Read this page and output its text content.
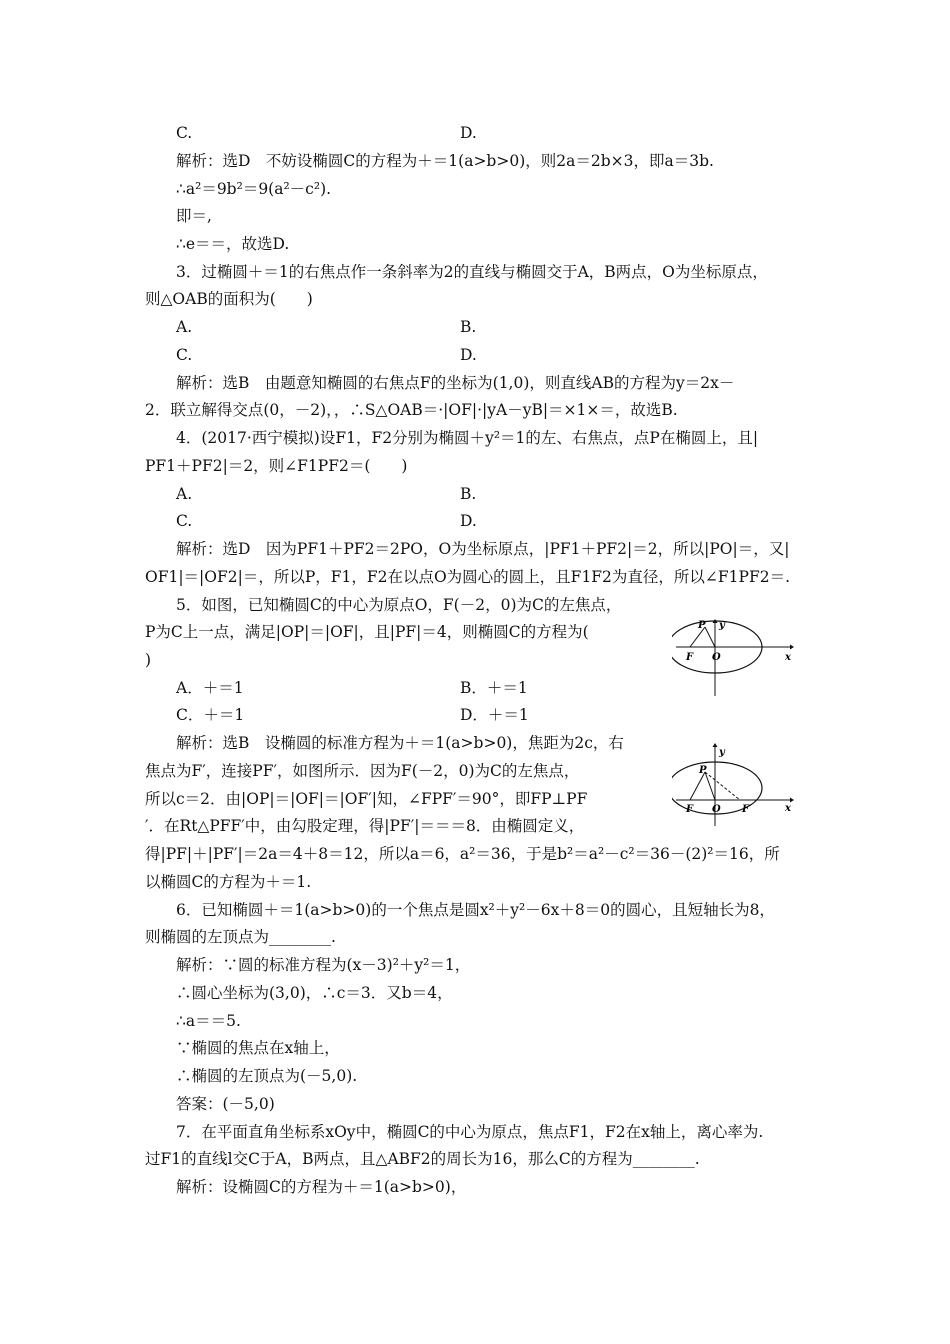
C.	D.
解析：选D　不妨设椭圆C的方程为＋＝1(a>b>0)，则2a＝2b×3，即a＝3b.
∴a²＝9b²＝9(a²－c²).
即＝,
∴e＝＝，故选D.
3．过椭圆＋＝1的右焦点作一条斜率为2的直线与椭圆交于A，B两点，O为坐标原点，
则△OAB的面积为(　　)
A.	B.
C.	D.
解析：选B　由题意知椭圆的右焦点F的坐标为(1,0)，则直线AB的方程为y＝2x－
2．联立解得交点(0，－2)，，∴S△OAB＝·|OF|·|yA－yB|＝×1×＝，故选B.
4．(2017·西宁模拟)设F1，F2分别为椭圆＋y²＝1的左、右焦点，点P在椭圆上，且|
PF1＋PF2|＝2，则∠F1PF2＝(　　)
A.	B.
C.	D.
解析：选D　因为PF1＋PF2＝2PO，O为坐标原点，|PF1＋PF2|＝2，所以|PO|＝，又|
OF1|＝|OF2|＝，所以P，F1，F2在以点O为圆心的圆上，且F1F2为直径，所以∠F1PF2＝.
5．如图，已知椭圆C的中心为原点O，F(－2，0)为C的左焦点，
P为C上一点，满足|OP|＝|OF|，且|PF|＝4，则椭圆C的方程为(
)
A．＋＝1	B．＋＝1
C．＋＝1	D．＋＝1
解析：选B　设椭圆的标准方程为＋＝1(a>b>0)，焦距为2c，右
焦点为F′，连接PF′，如图所示．因为F(－2，0)为C的左焦点，
所以c＝2．由|OP|＝|OF|＝|OF′|知，∠FPF′＝90°，即FP⊥PF
′．在Rt△PFF′中，由勾股定理，得|PF′|＝＝＝8．由椭圆定义，
得|PF|＋|PF′|＝2a＝4＋8＝12，所以a＝6，a²＝36，于是b²＝a²－c²＝36－(2)²＝16，所
以椭圆C的方程为＋＝1.
6．已知椭圆＋＝1(a>b>0)的一个焦点是圆x²＋y²－6x＋8＝0的圆心，且短轴长为8，
则椭圆的左顶点为________.
解析：∵圆的标准方程为(x－3)²＋y²＝1，
∴圆心坐标为(3,0)，∴c＝3．又b＝4，
∴a＝＝5.
∵椭圆的焦点在x轴上，
∴椭圆的左顶点为(－5,0).
答案：(－5,0)
7．在平面直角坐标系xOy中，椭圆C的中心为原点，焦点F1，F2在x轴上，离心率为.
过F1的直线l交C于A，B两点，且△ABF2的周长为16，那么C的方程为________.
解析：设椭圆C的方程为＋＝1(a>b>0)，
y
x
P
F O
y
x
P
F O F′
